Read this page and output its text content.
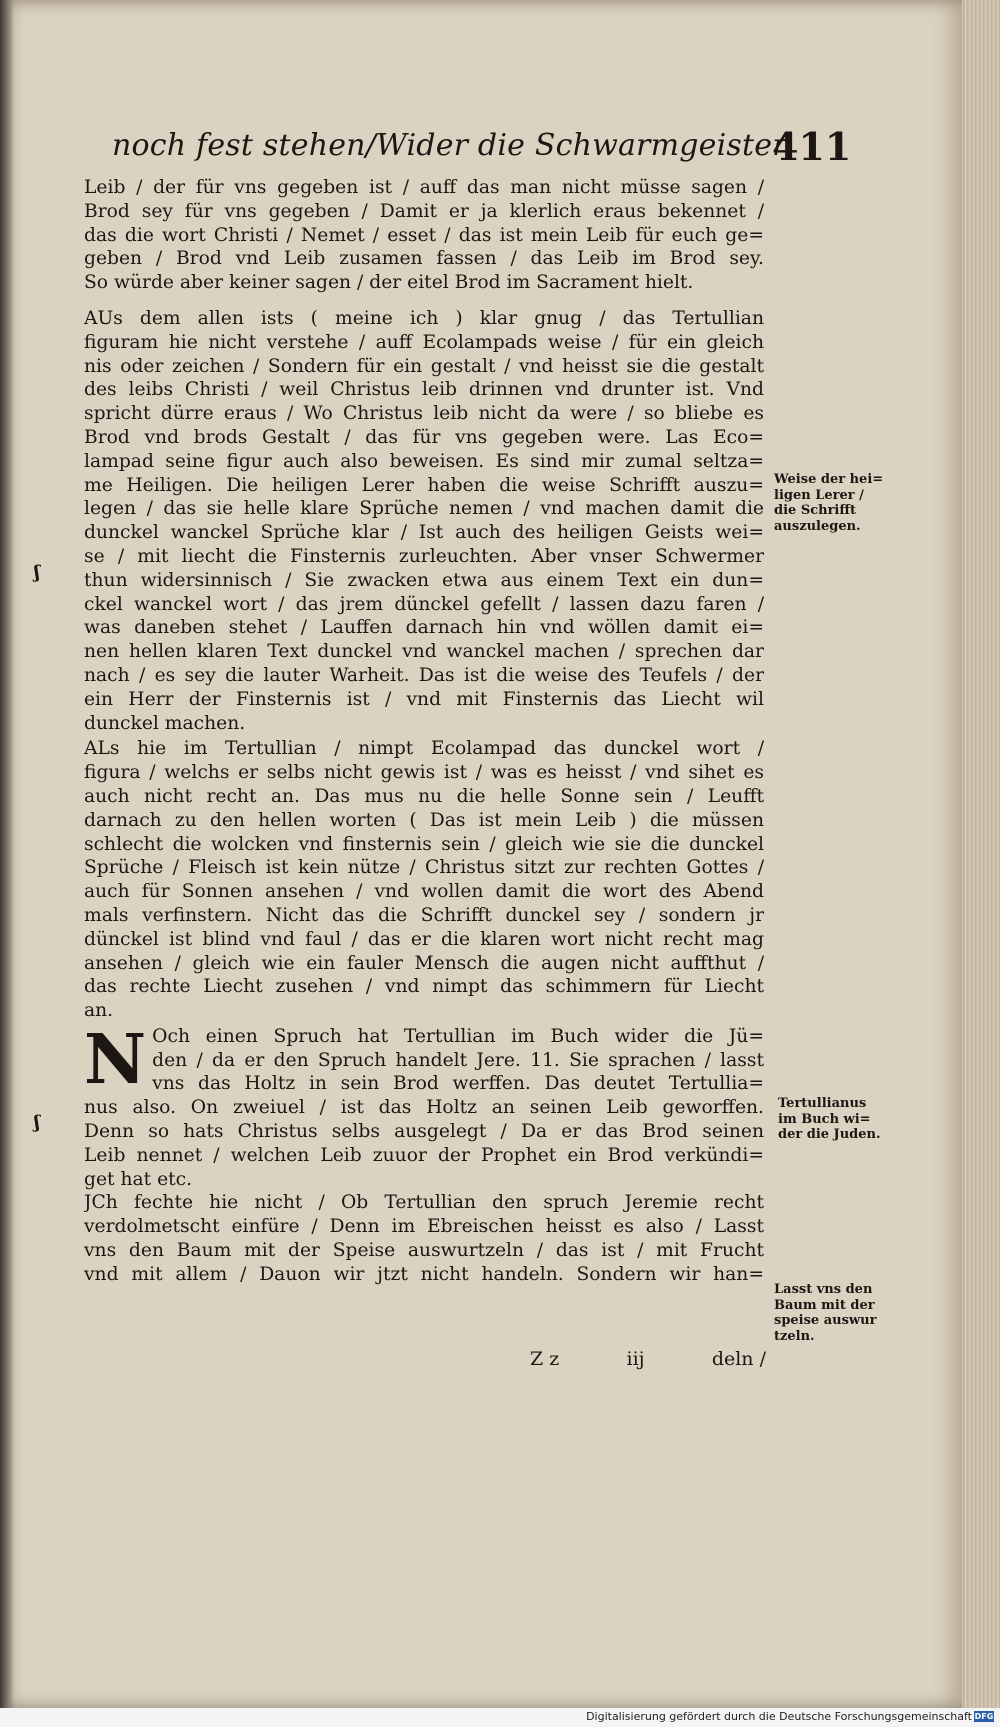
noch fest stehen/Wider die Schwarmgeister
411
Leib / der für vns gegeben ist / auff das man nicht müsse sagen /
Brod sey für vns gegeben / Damit er ja klerlich eraus bekennet /
das die wort Christi / Nemet / esset / das ist mein Leib für euch ge=
geben / Brod vnd Leib zusamen fassen / das Leib im Brod sey.
So würde aber keiner sagen / der eitel Brod im Sacrament hielt.
AUs dem allen ists ( meine ich ) klar gnug / das Tertullian
figuram hie nicht verstehe / auff Ecolampads weise / für ein gleich
nis oder zeichen / Sondern für ein gestalt / vnd heisst sie die gestalt
des leibs Christi / weil Christus leib drinnen vnd drunter ist. Vnd
spricht dürre eraus / Wo Christus leib nicht da were / so bliebe es
Brod vnd brods Gestalt / das für vns gegeben were. Las Eco=
lampad seine figur auch also beweisen. Es sind mir zumal seltza=
me Heiligen. Die heiligen Lerer haben die weise Schrifft auszu=
legen / das sie helle klare Sprüche nemen / vnd machen damit die
dunckel wanckel Sprüche klar / Ist auch des heiligen Geists wei=
se / mit liecht die Finsternis zurleuchten. Aber vnser Schwermer
thun widersinnisch / Sie zwacken etwa aus einem Text ein dun=
ckel wanckel wort / das jrem dünckel gefellt / lassen dazu faren /
was daneben stehet / Lauffen darnach hin vnd wöllen damit ei=
nen hellen klaren Text dunckel vnd wanckel machen / sprechen dar
nach / es sey die lauter Warheit. Das ist die weise des Teufels / der
ein Herr der Finsternis ist / vnd mit Finsternis das Liecht wil
dunckel machen.
ALs hie im Tertullian / nimpt Ecolampad das dunckel wort /
figura / welchs er selbs nicht gewis ist / was es heisst / vnd sihet es
auch nicht recht an. Das mus nu die helle Sonne sein / Leufft
darnach zu den hellen worten ( Das ist mein Leib ) die müssen
schlecht die wolcken vnd finsternis sein / gleich wie sie die dunckel
Sprüche / Fleisch ist kein nütze / Christus sitzt zur rechten Gottes /
auch für Sonnen ansehen / vnd wollen damit die wort des Abend
mals verfinstern. Nicht das die Schrifft dunckel sey / sondern jr
dünckel ist blind vnd faul / das er die klaren wort nicht recht mag
ansehen / gleich wie ein fauler Mensch die augen nicht auffthut /
das rechte Liecht zusehen / vnd nimpt das schimmern für Liecht
an.
N Och einen Spruch hat Tertullian im Buch wider die Jü=
den / da er den Spruch handelt Jere. 11. Sie sprachen / lasst
vns das Holtz in sein Brod werffen. Das deutet Tertullia=
nus also. On zweiuel / ist das Holtz an seinen Leib geworffen.
Denn so hats Christus selbs ausgelegt / Da er das Brod seinen
Leib nennet / welchen Leib zuuor der Prophet ein Brod verkündi=
get hat etc.
JCh fechte hie nicht / Ob Tertullian den spruch Jeremie recht
verdolmetscht einfüre / Denn im Ebreischen heisst es also / Lasst
vns den Baum mit der Speise auswurtzeln / das ist / mit Frucht
vnd mit allem / Dauon wir jtzt nicht handeln. Sondern wir han=
Z z	iij	deln /
Weise der hei=
ligen Lerer /
die Schrifft
auszulegen.
Tertullianus
im Buch wi=
der die Juden.
Lasst vns den
Baum mit der
speise auswur
tzeln.
ʃ
ʃ
Digitalisierung gefördert durch die Deutsche Forschungsgemeinschaft DFG
